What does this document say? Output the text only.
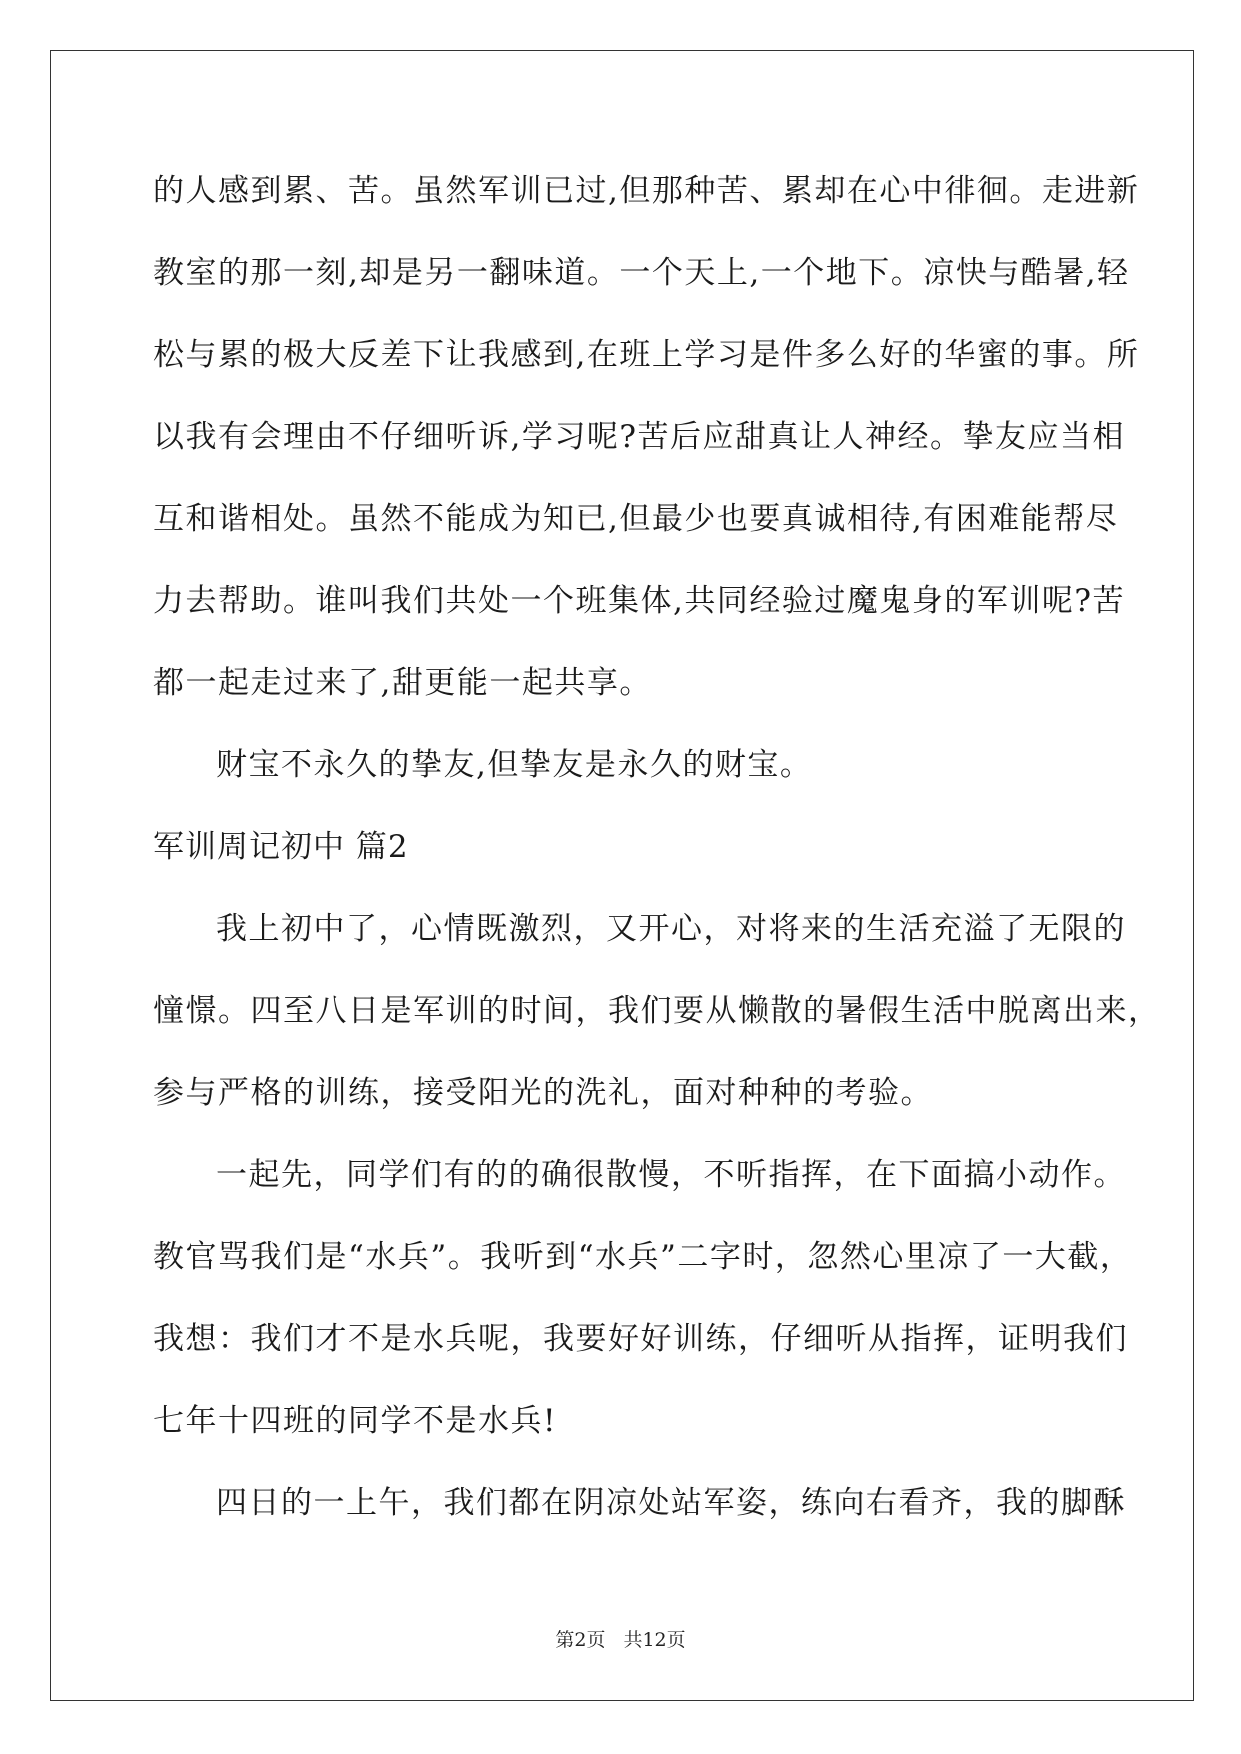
的人感到累、苦。虽然军训已过,但那种苦、累却在心中徘徊。走进新
教室的那一刻,却是另一翻味道。一个天上,一个地下。凉快与酷暑,轻
松与累的极大反差下让我感到,在班上学习是件多么好的华蜜的事。所
以我有会理由不仔细听诉,学习呢?苦后应甜真让人神经。挚友应当相
互和谐相处。虽然不能成为知已,但最少也要真诚相待,有困难能帮尽
力去帮助。谁叫我们共处一个班集体,共同经验过魔鬼身的军训呢?苦
都一起走过来了,甜更能一起共享。
财宝不永久的挚友,但挚友是永久的财宝。
军训周记初中 篇2
我上初中了，心情既激烈，又开心，对将来的生活充溢了无限的
憧憬。四至八日是军训的时间，我们要从懒散的暑假生活中脱离出来，
参与严格的训练，接受阳光的洗礼，面对种种的考验。
一起先，同学们有的的确很散慢，不听指挥，在下面搞小动作。
教官骂我们是“水兵”。我听到“水兵”二字时，忽然心里凉了一大截，
我想：我们才不是水兵呢，我要好好训练，仔细听从指挥，证明我们
七年十四班的同学不是水兵!
四日的一上午，我们都在阴凉处站军姿，练向右看齐，我的脚酥
第2页 共12页
